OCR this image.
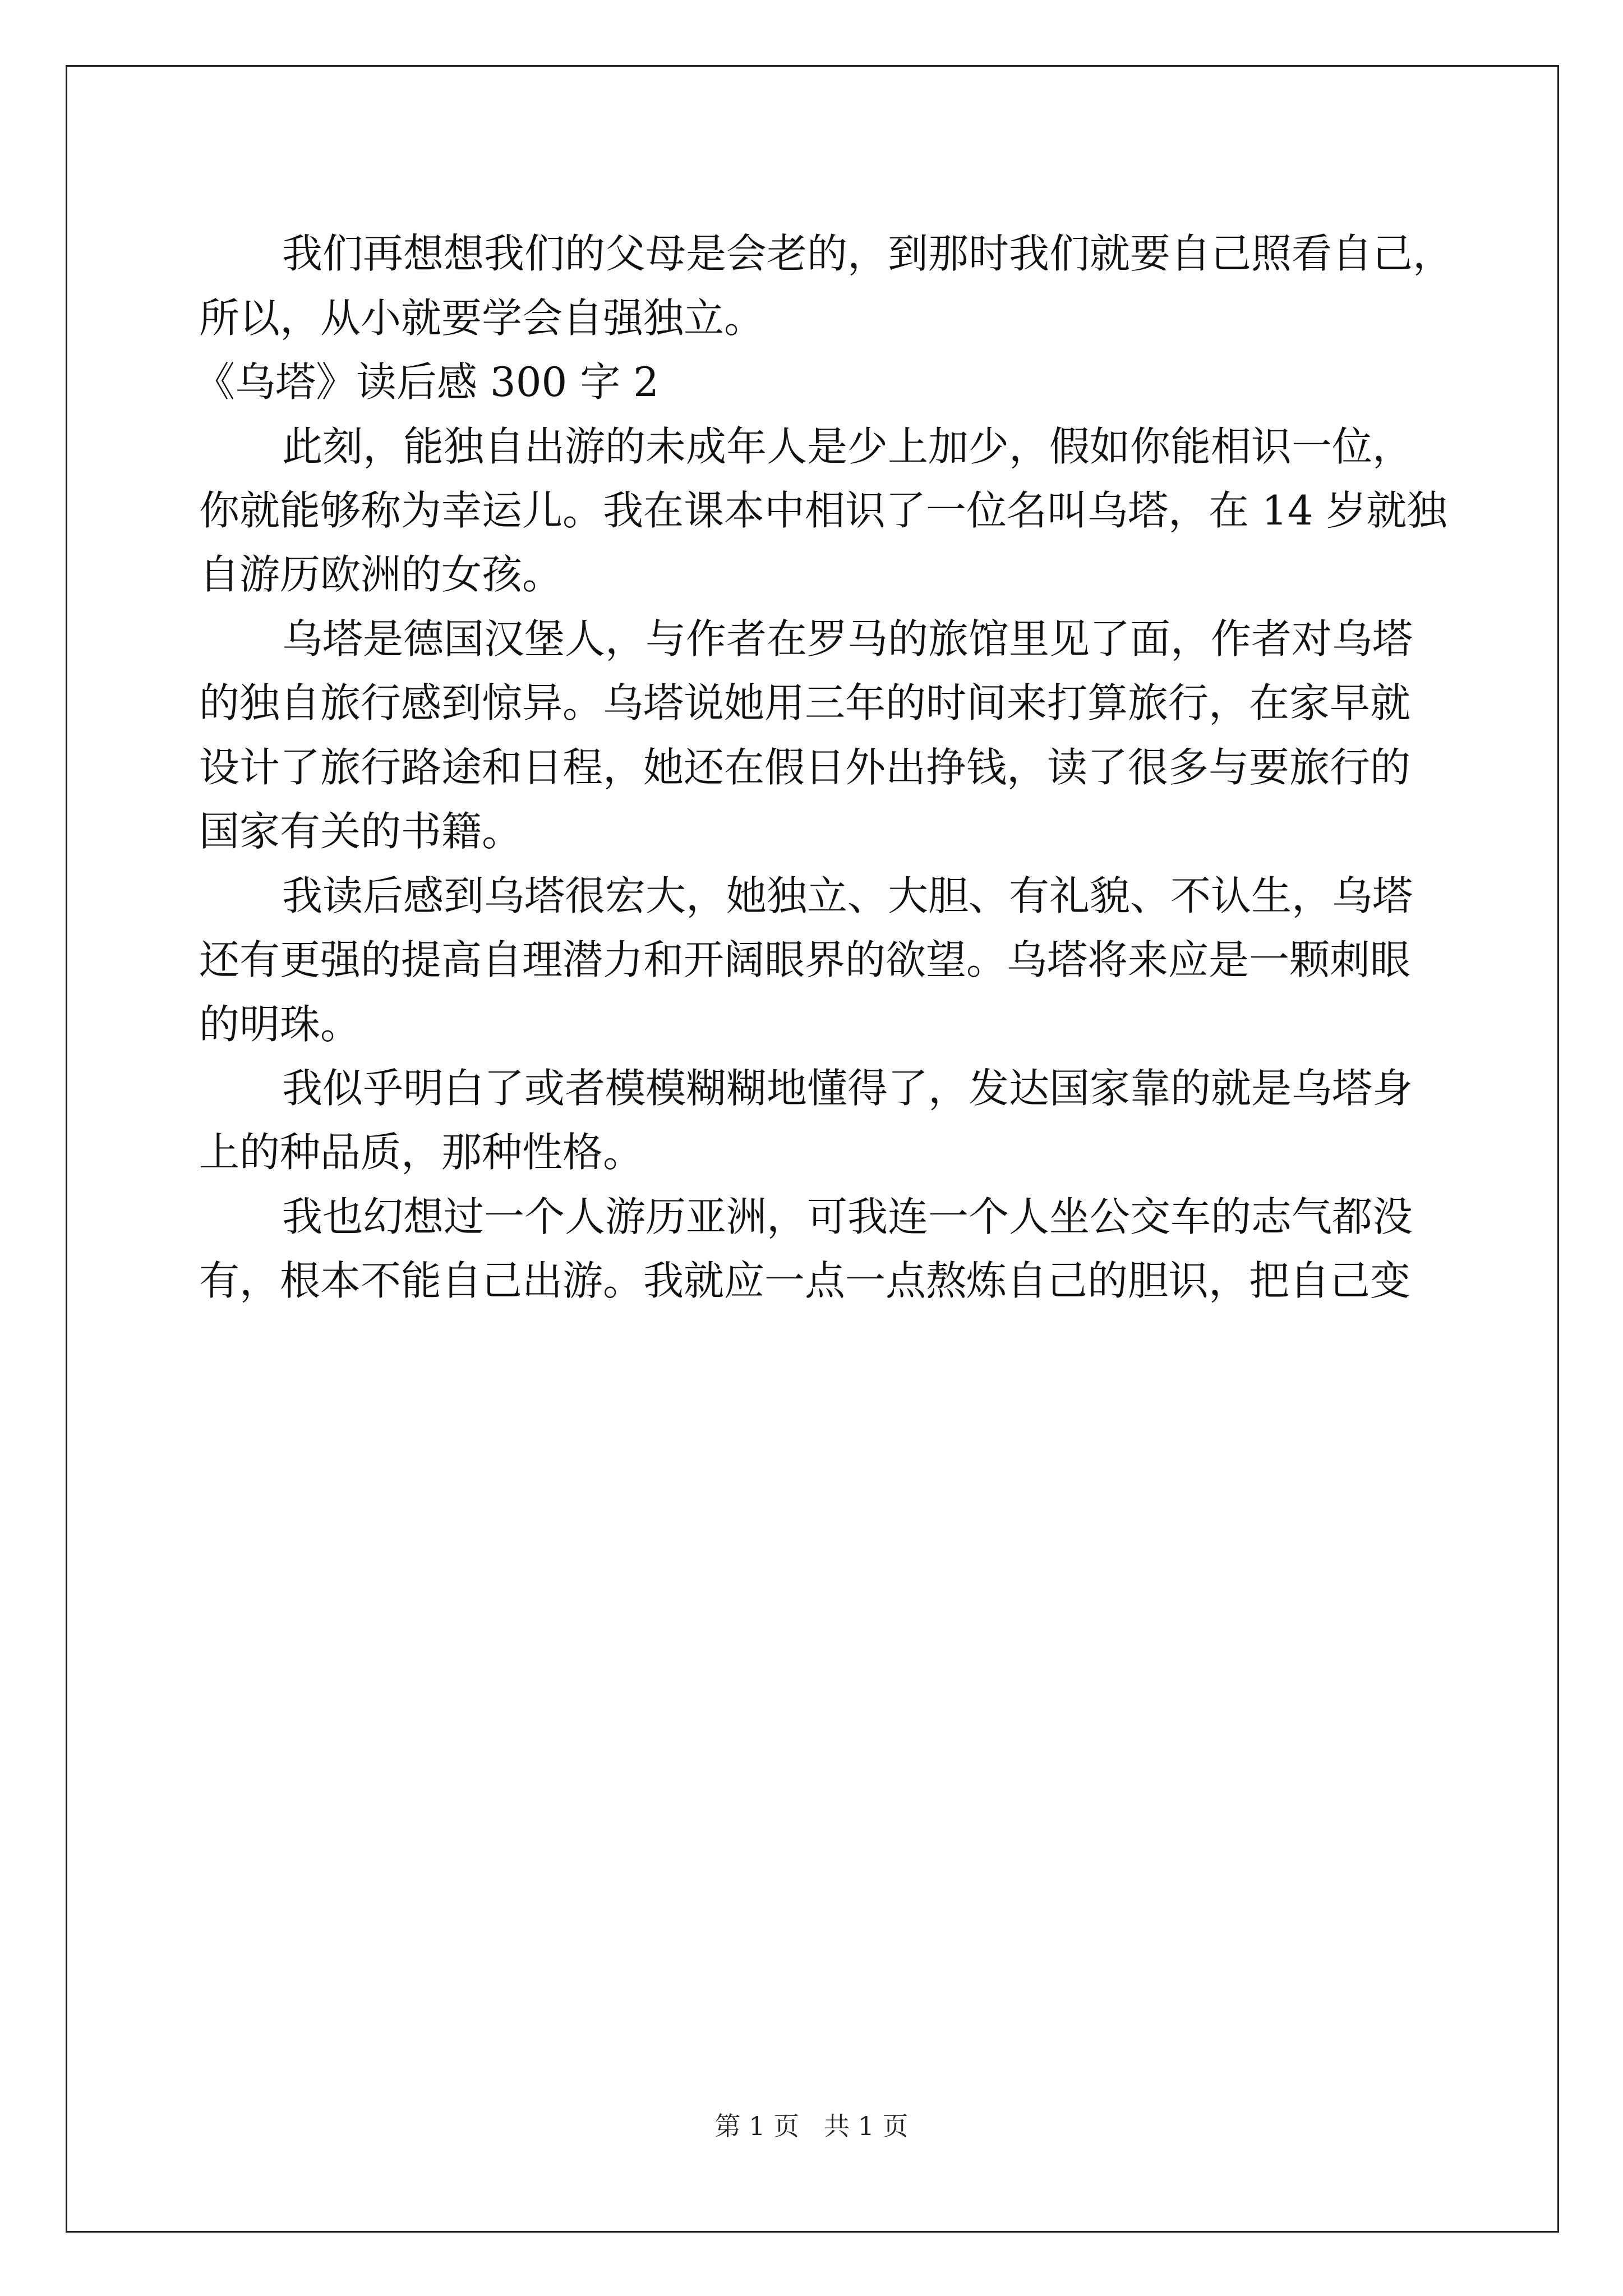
我们再想想我们的父母是会老的，到那时我们就要自己照看自己，
所以，从小就要学会自强独立。
《乌塔》读后感 300 字 2
此刻，能独自出游的未成年人是少上加少，假如你能相识一位，
你就能够称为幸运儿。我在课本中相识了一位名叫乌塔，在 14 岁就独
自游历欧洲的女孩。
乌塔是德国汉堡人，与作者在罗马的旅馆里见了面，作者对乌塔
的独自旅行感到惊异。乌塔说她用三年的时间来打算旅行，在家早就
设计了旅行路途和日程，她还在假日外出挣钱，读了很多与要旅行的
国家有关的书籍。
我读后感到乌塔很宏大，她独立、大胆、有礼貌、不认生，乌塔
还有更强的提高自理潜力和开阔眼界的欲望。乌塔将来应是一颗刺眼
的明珠。
我似乎明白了或者模模糊糊地懂得了，发达国家靠的就是乌塔身
上的种品质，那种性格。
我也幻想过一个人游历亚洲，可我连一个人坐公交车的志气都没
有，根本不能自己出游。我就应一点一点熬炼自己的胆识，把自己变
第 1 页 共 1 页
